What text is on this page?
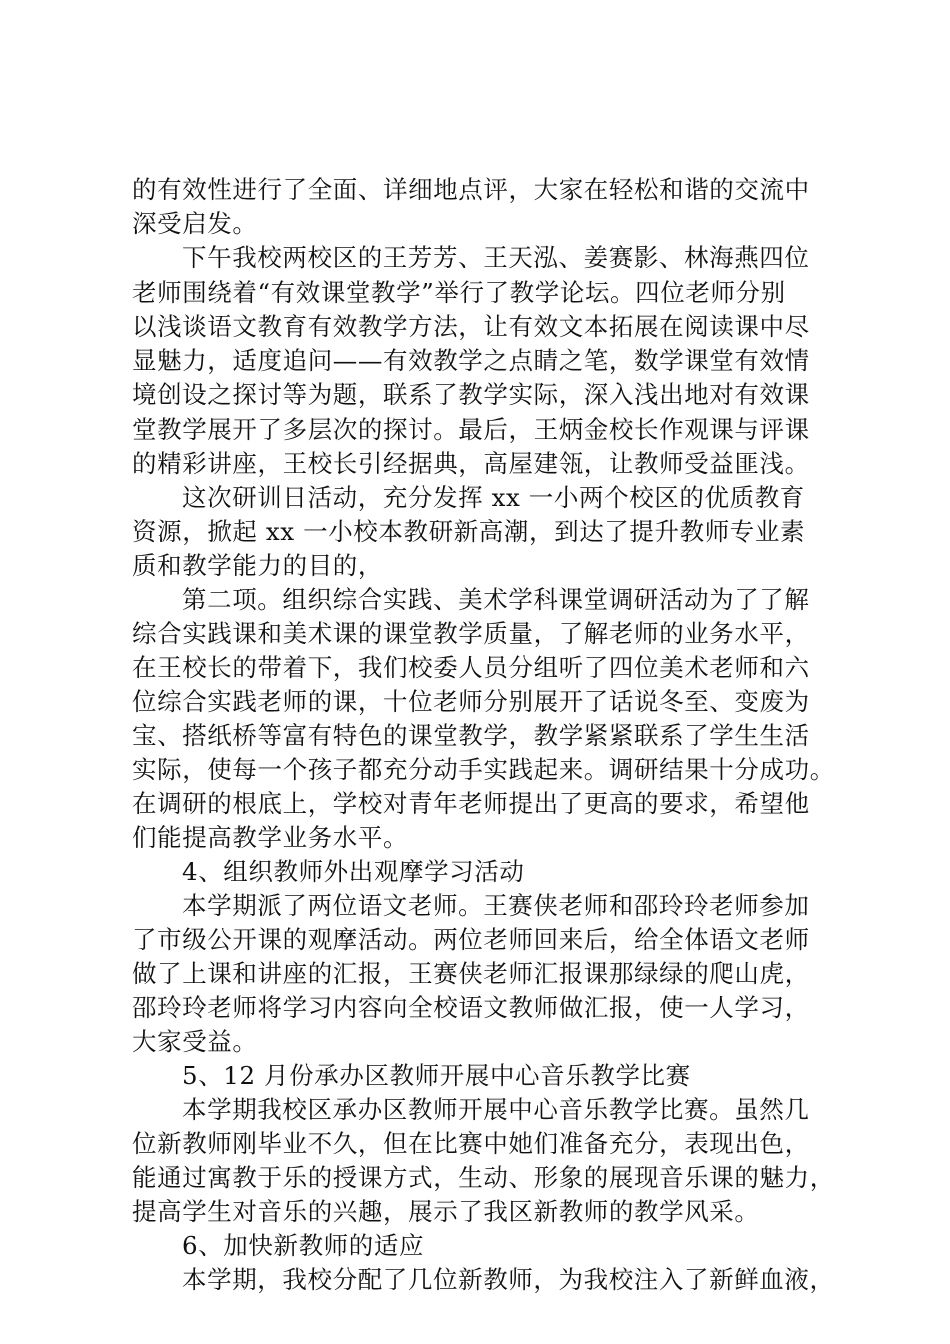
的有效性进行了全面、详细地点评，大家在轻松和谐的交流中
深受启发。
下午我校两校区的王芳芳、王天泓、姜赛影、林海燕四位
老师围绕着“有效课堂教学”举行了教学论坛。四位老师分别
以浅谈语文教育有效教学方法，让有效文本拓展在阅读课中尽
显魅力，适度追问——有效教学之点睛之笔，数学课堂有效情
境创设之探讨等为题，联系了教学实际，深入浅出地对有效课
堂教学展开了多层次的探讨。最后，王炳金校长作观课与评课
的精彩讲座，王校长引经据典，高屋建瓴，让教师受益匪浅。
这次研训日活动，充分发挥 xx 一小两个校区的优质教育
资源，掀起 xx 一小校本教研新高潮，到达了提升教师专业素
质和教学能力的目的，
第二项。组织综合实践、美术学科课堂调研活动为了了解
综合实践课和美术课的课堂教学质量，了解老师的业务水平，
在王校长的带着下，我们校委人员分组听了四位美术老师和六
位综合实践老师的课，十位老师分别展开了话说冬至、变废为
宝、搭纸桥等富有特色的课堂教学，教学紧紧联系了学生生活
实际，使每一个孩子都充分动手实践起来。调研结果十分成功。
在调研的根底上，学校对青年老师提出了更高的要求，希望他
们能提高教学业务水平。
4、组织教师外出观摩学习活动
本学期派了两位语文老师。王赛侠老师和邵玲玲老师参加
了市级公开课的观摩活动。两位老师回来后，给全体语文老师
做了上课和讲座的汇报，王赛侠老师汇报课那绿绿的爬山虎，
邵玲玲老师将学习内容向全校语文教师做汇报，使一人学习，
大家受益。
5、12 月份承办区教师开展中心音乐教学比赛
本学期我校区承办区教师开展中心音乐教学比赛。虽然几
位新教师刚毕业不久，但在比赛中她们准备充分，表现出色，
能通过寓教于乐的授课方式，生动、形象的展现音乐课的魅力，
提高学生对音乐的兴趣，展示了我区新教师的教学风采。
6、加快新教师的适应
本学期，我校分配了几位新教师，为我校注入了新鲜血液，
